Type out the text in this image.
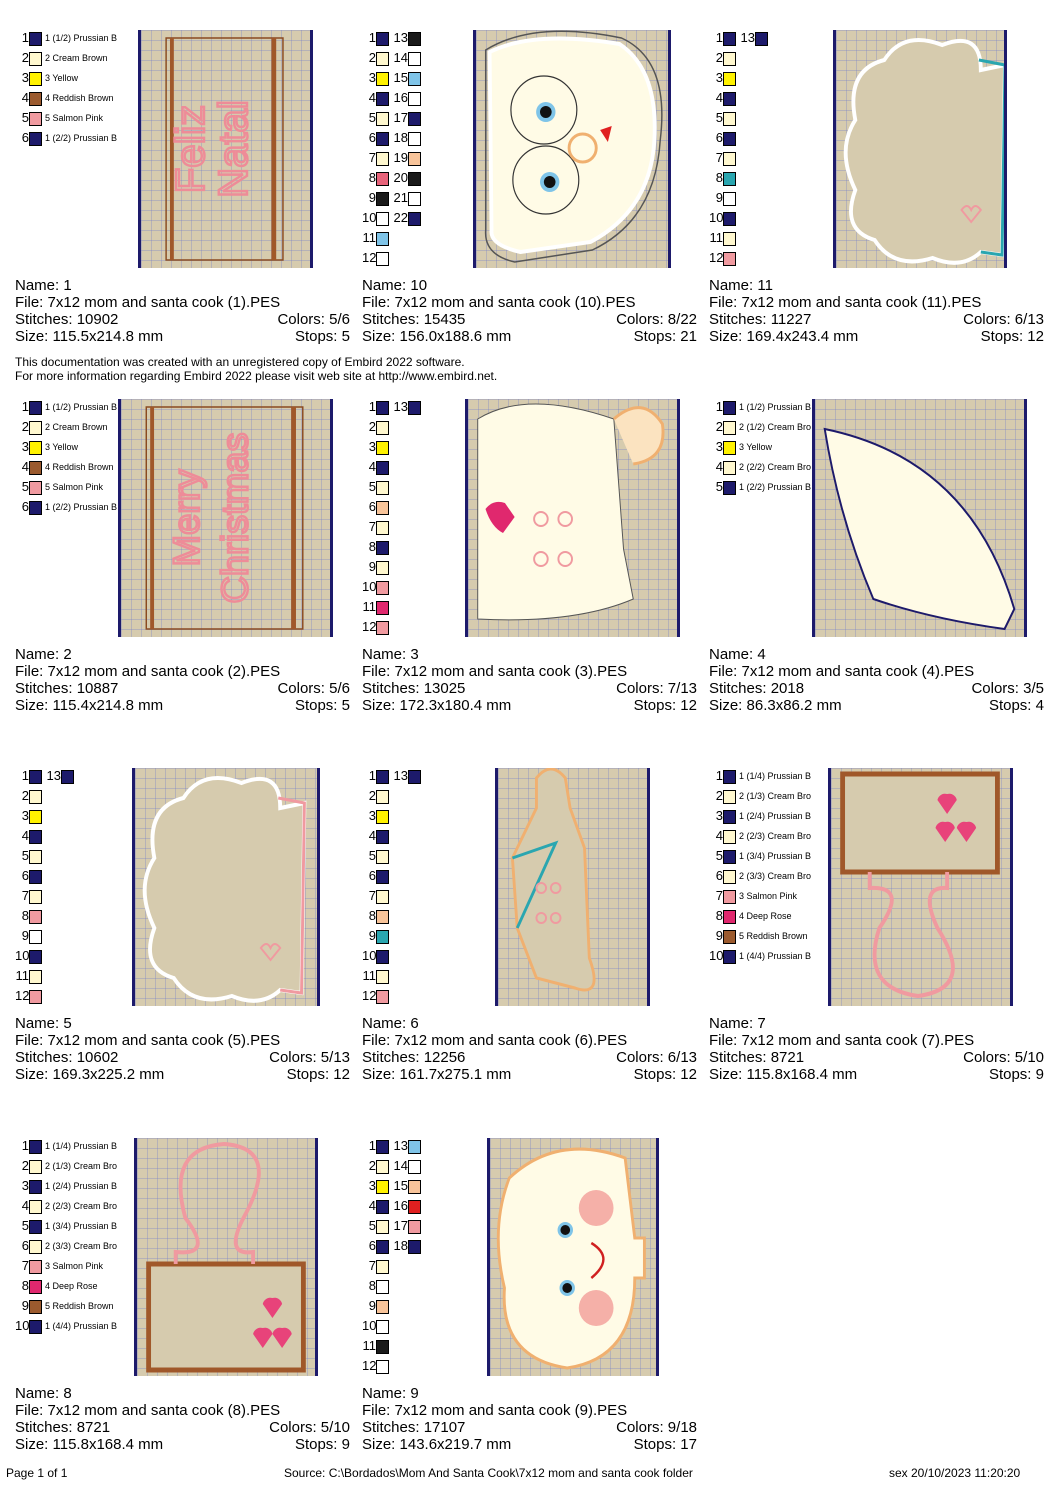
This documentation was created with an unregistered copy of Embird 2022 software.
For more information regarding Embird 2022 please visit web site at http://www.embird.net.
1 1 (1/2) Prussian B
2 2 Cream Brown
3 3 Yellow
4 4 Reddish Brown
5 5 Salmon Pink
6 1 (2/2) Prussian B Feliz
Natal
Name: 1
File: 7x12 mom and santa cook (1).PES
Stitches: 10902	Colors: 5/6
Size: 115.5x214.8 mm	Stops: 5
1 13
2 14
3 15
4 16
5 17
6 18
7 19
8 20
9 21
10 22
11
12
Name: 10
File: 7x12 mom and santa cook (10).PES
Stitches: 15435	Colors: 8/22
Size: 156.0x188.6 mm	Stops: 21
1 13
2
3
4
5
6
7
8
9
10
11
12
Name: 11
File: 7x12 mom and santa cook (11).PES
Stitches: 11227	Colors: 6/13
Size: 169.4x243.4 mm	Stops: 12
1 1 (1/2) Prussian B
2 2 Cream Brown
3 3 Yellow
4 4 Reddish Brown
5 5 Salmon Pink
6 1 (2/2) Prussian B Merry Christmas
Name: 2
File: 7x12 mom and santa cook (2).PES
Stitches: 10887	Colors: 5/6
Size: 115.4x214.8 mm	Stops: 5
1 13
2
3
4
5
6
7
8
9
10
11
12
Name: 3
File: 7x12 mom and santa cook (3).PES
Stitches: 13025	Colors: 7/13
Size: 172.3x180.4 mm	Stops: 12
1 1 (1/2) Prussian B
2 2 (1/2) Cream Bro
3 3 Yellow
4 2 (2/2) Cream Bro
5 1 (2/2) Prussian B
Name: 4
File: 7x12 mom and santa cook (4).PES
Stitches: 2018	Colors: 3/5
Size: 86.3x86.2 mm	Stops: 4
1 13
2
3
4
5
6
7
8
9
10
11
12
Name: 5
File: 7x12 mom and santa cook (5).PES
Stitches: 10602	Colors: 5/13
Size: 169.3x225.2 mm	Stops: 12
1 13
2
3
4
5
6
7
8
9
10
11
12
Name: 6
File: 7x12 mom and santa cook (6).PES
Stitches: 12256	Colors: 6/13
Size: 161.7x275.1 mm	Stops: 12
1 1 (1/4) Prussian B
2 2 (1/3) Cream Bro
3 1 (2/4) Prussian B
4 2 (2/3) Cream Bro
5 1 (3/4) Prussian B
6 2 (3/3) Cream Bro
7 3 Salmon Pink
8 4 Deep Rose
9 5 Reddish Brown
10 1 (4/4) Prussian B
Name: 7
File: 7x12 mom and santa cook (7).PES
Stitches: 8721	Colors: 5/10
Size: 115.8x168.4 mm	Stops: 9
1 1 (1/4) Prussian B
2 2 (1/3) Cream Bro
3 1 (2/4) Prussian B
4 2 (2/3) Cream Bro
5 1 (3/4) Prussian B
6 2 (3/3) Cream Bro
7 3 Salmon Pink
8 4 Deep Rose
9 5 Reddish Brown
10 1 (4/4) Prussian B
Name: 8
File: 7x12 mom and santa cook (8).PES
Stitches: 8721	Colors: 5/10
Size: 115.8x168.4 mm	Stops: 9
1 13
2 14
3 15
4 16
5 17
6 18
7
8
9
10
11
12
Name: 9
File: 7x12 mom and santa cook (9).PES
Stitches: 17107	Colors: 9/18
Size: 143.6x219.7 mm	Stops: 17
Page 1 of 1	Source: C:\Bordados\Mom And Santa Cook\7x12 mom and santa cook folder	sex 20/10/2023 11:20:20
